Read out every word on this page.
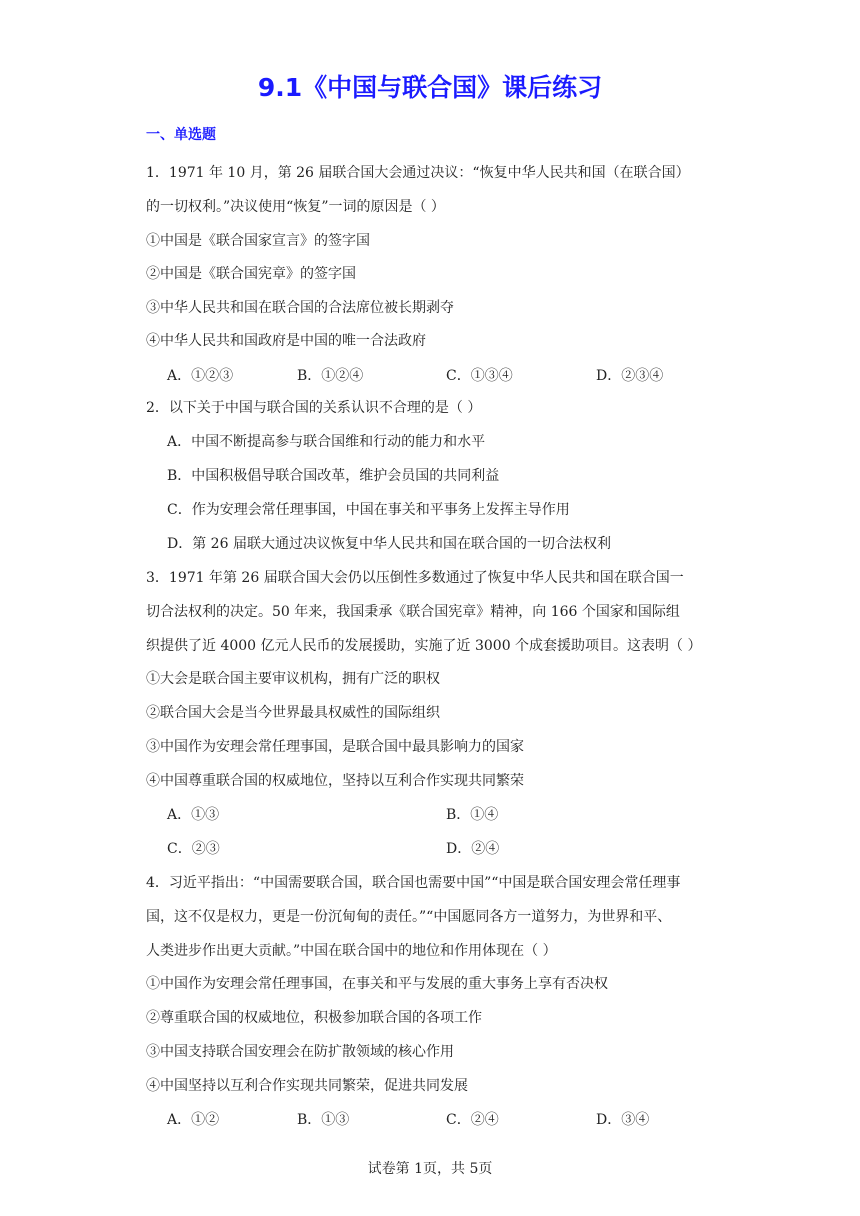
9.1《中国与联合国》课后练习
一、单选题
1．1971 年 10 月，第 26 届联合国大会通过决议：“恢复中华人民共和国（在联合国）
的一切权利。”决议使用“恢复”一词的原因是（ ）
①中国是《联合国家宣言》的签字国
②中国是《联合国宪章》的签字国
③中华人民共和国在联合国的合法席位被长期剥夺
④中华人民共和国政府是中国的唯一合法政府
A．①②③	B．①②④	C．①③④	D．②③④
2．以下关于中国与联合国的关系认识不合理的是（ ）
A．中国不断提高参与联合国维和行动的能力和水平
B．中国积极倡导联合国改革，维护会员国的共同利益
C．作为安理会常任理事国，中国在事关和平事务上发挥主导作用
D．第 26 届联大通过决议恢复中华人民共和国在联合国的一切合法权利
3．1971 年第 26 届联合国大会仍以压倒性多数通过了恢复中华人民共和国在联合国一
切合法权利的决定。50 年来，我国秉承《联合国宪章》精神，向 166 个国家和国际组
织提供了近 4000 亿元人民币的发展援助，实施了近 3000 个成套援助项目。这表明（ ）
①大会是联合国主要审议机构，拥有广泛的职权
②联合国大会是当今世界最具权威性的国际组织
③中国作为安理会常任理事国，是联合国中最具影响力的国家
④中国尊重联合国的权威地位，坚持以互利合作实现共同繁荣
A．①③	B．①④
C．②③	D．②④
4．习近平指出：“中国需要联合国，联合国也需要中国”“中国是联合国安理会常任理事
国，这不仅是权力，更是一份沉甸甸的责任。”“中国愿同各方一道努力，为世界和平、
人类进步作出更大贡献。”中国在联合国中的地位和作用体现在（ ）
①中国作为安理会常任理事国，在事关和平与发展的重大事务上享有否决权
②尊重联合国的权威地位，积极参加联合国的各项工作
③中国支持联合国安理会在防扩散领域的核心作用
④中国坚持以互利合作实现共同繁荣，促进共同发展
A．①②	B．①③	C．②④	D．③④
试卷第 1页，共 5页
